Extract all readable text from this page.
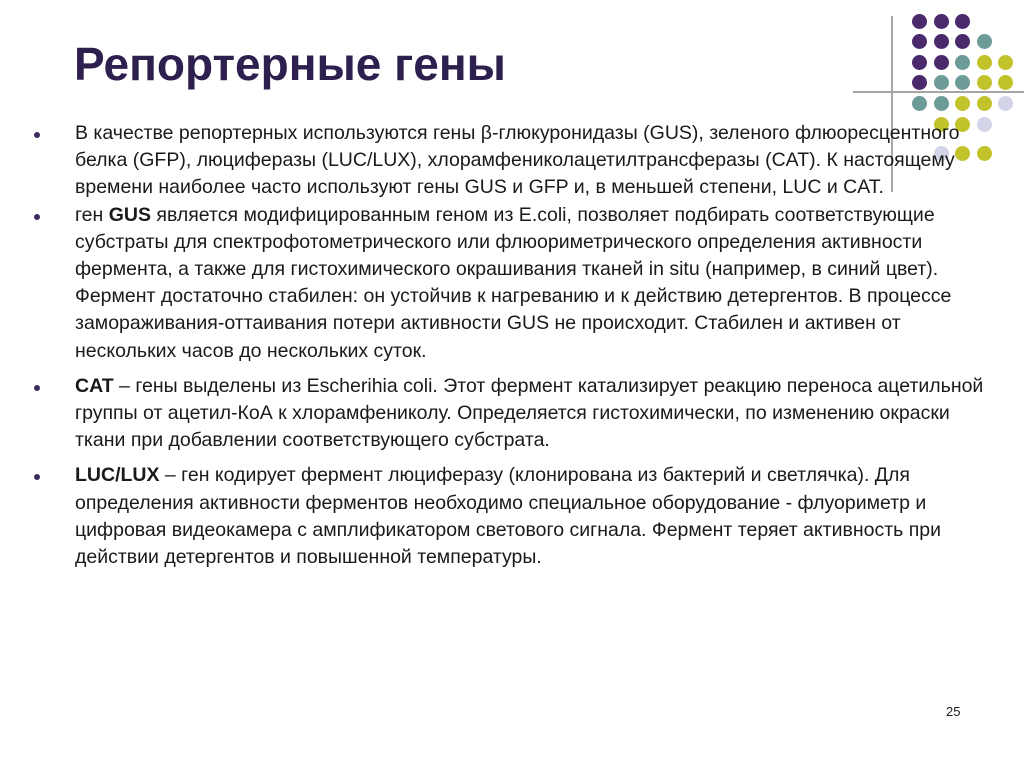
Репортерные гены
В качестве репортерных используются гены β-глюкуронидазы (GUS), зеленого флюоресцентного белка (GFP), люциферазы (LUC/LUX), хлорамфениколацетилтрансферазы (CAT). К настоящему времени наиболее часто используют гены GUS и GFP и, в меньшей степени, LUC и CAT.
ген GUS является модифицированным геном из E.coli, позволяет подбирать соответствующие субстраты для спектрофотометрического или флюориметрического определения активности фермента, а также для гистохимического окрашивания тканей in situ (например, в синий цвет). Фермент достаточно стабилен: он устойчив к нагреванию и к действию детергентов. В процессе замораживания-оттаивания потери активности GUS не происходит. Стабилен и активен от нескольких часов до нескольких суток.
CAT – гены выделены из Escherihia coli. Этот фермент катализирует реакцию переноса ацетильной группы от ацетил-КоА к хлорамфениколу. Определяется гистохимически, по изменению окраски ткани при добавлении соответствующего субстрата.
LUC/LUX – ген кодирует фермент люциферазу (клонирована из бактерий и светлячка). Для определения активности ферментов необходимо специальное оборудование - флуориметр и цифровая видеокамера с амплификатором светового сигнала. Фермент теряет активность при действии детергентов и повышенной температуры.
25
